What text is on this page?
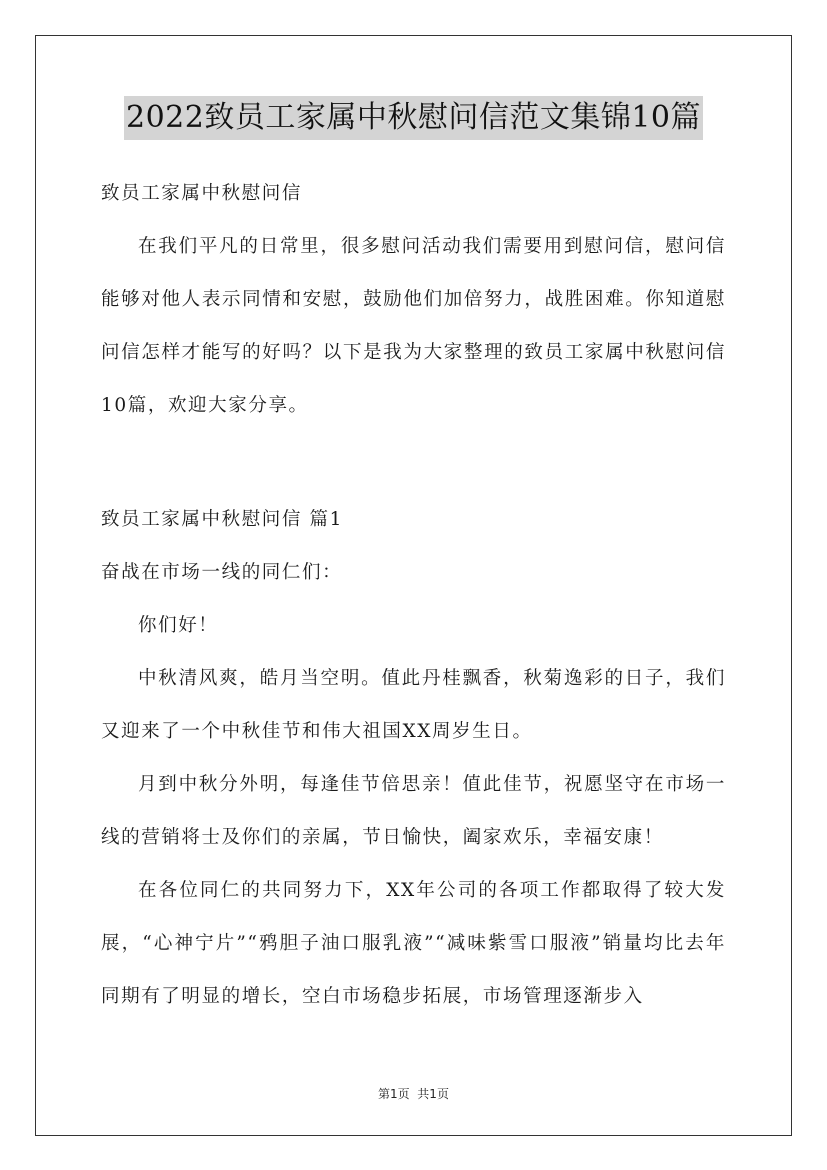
2022致员工家属中秋慰问信范文集锦10篇

致员工家属中秋慰问信

在我们平凡的日常里，很多慰问活动我们需要用到慰问信，慰问信能够对他人表示同情和安慰，鼓励他们加倍努力，战胜困难。你知道慰问信怎样才能写的好吗？以下是我为大家整理的致员工家属中秋慰问信10篇，欢迎大家分享。

致员工家属中秋慰问信 篇1

奋战在市场一线的同仁们：

你们好！

中秋清风爽，皓月当空明。值此丹桂飘香，秋菊逸彩的日子，我们又迎来了一个中秋佳节和伟大祖国XX周岁生日。

月到中秋分外明，每逢佳节倍思亲！值此佳节，祝愿坚守在市场一线的营销将士及你们的亲属，节日愉快，阖家欢乐，幸福安康！

在各位同仁的共同努力下，XX年公司的各项工作都取得了较大发展，“心神宁片”“鸦胆子油口服乳液”“减味紫雪口服液”销量均比去年同期有了明显的增长，空白市场稳步拓展，市场管理逐渐步入

第1页  共1页
